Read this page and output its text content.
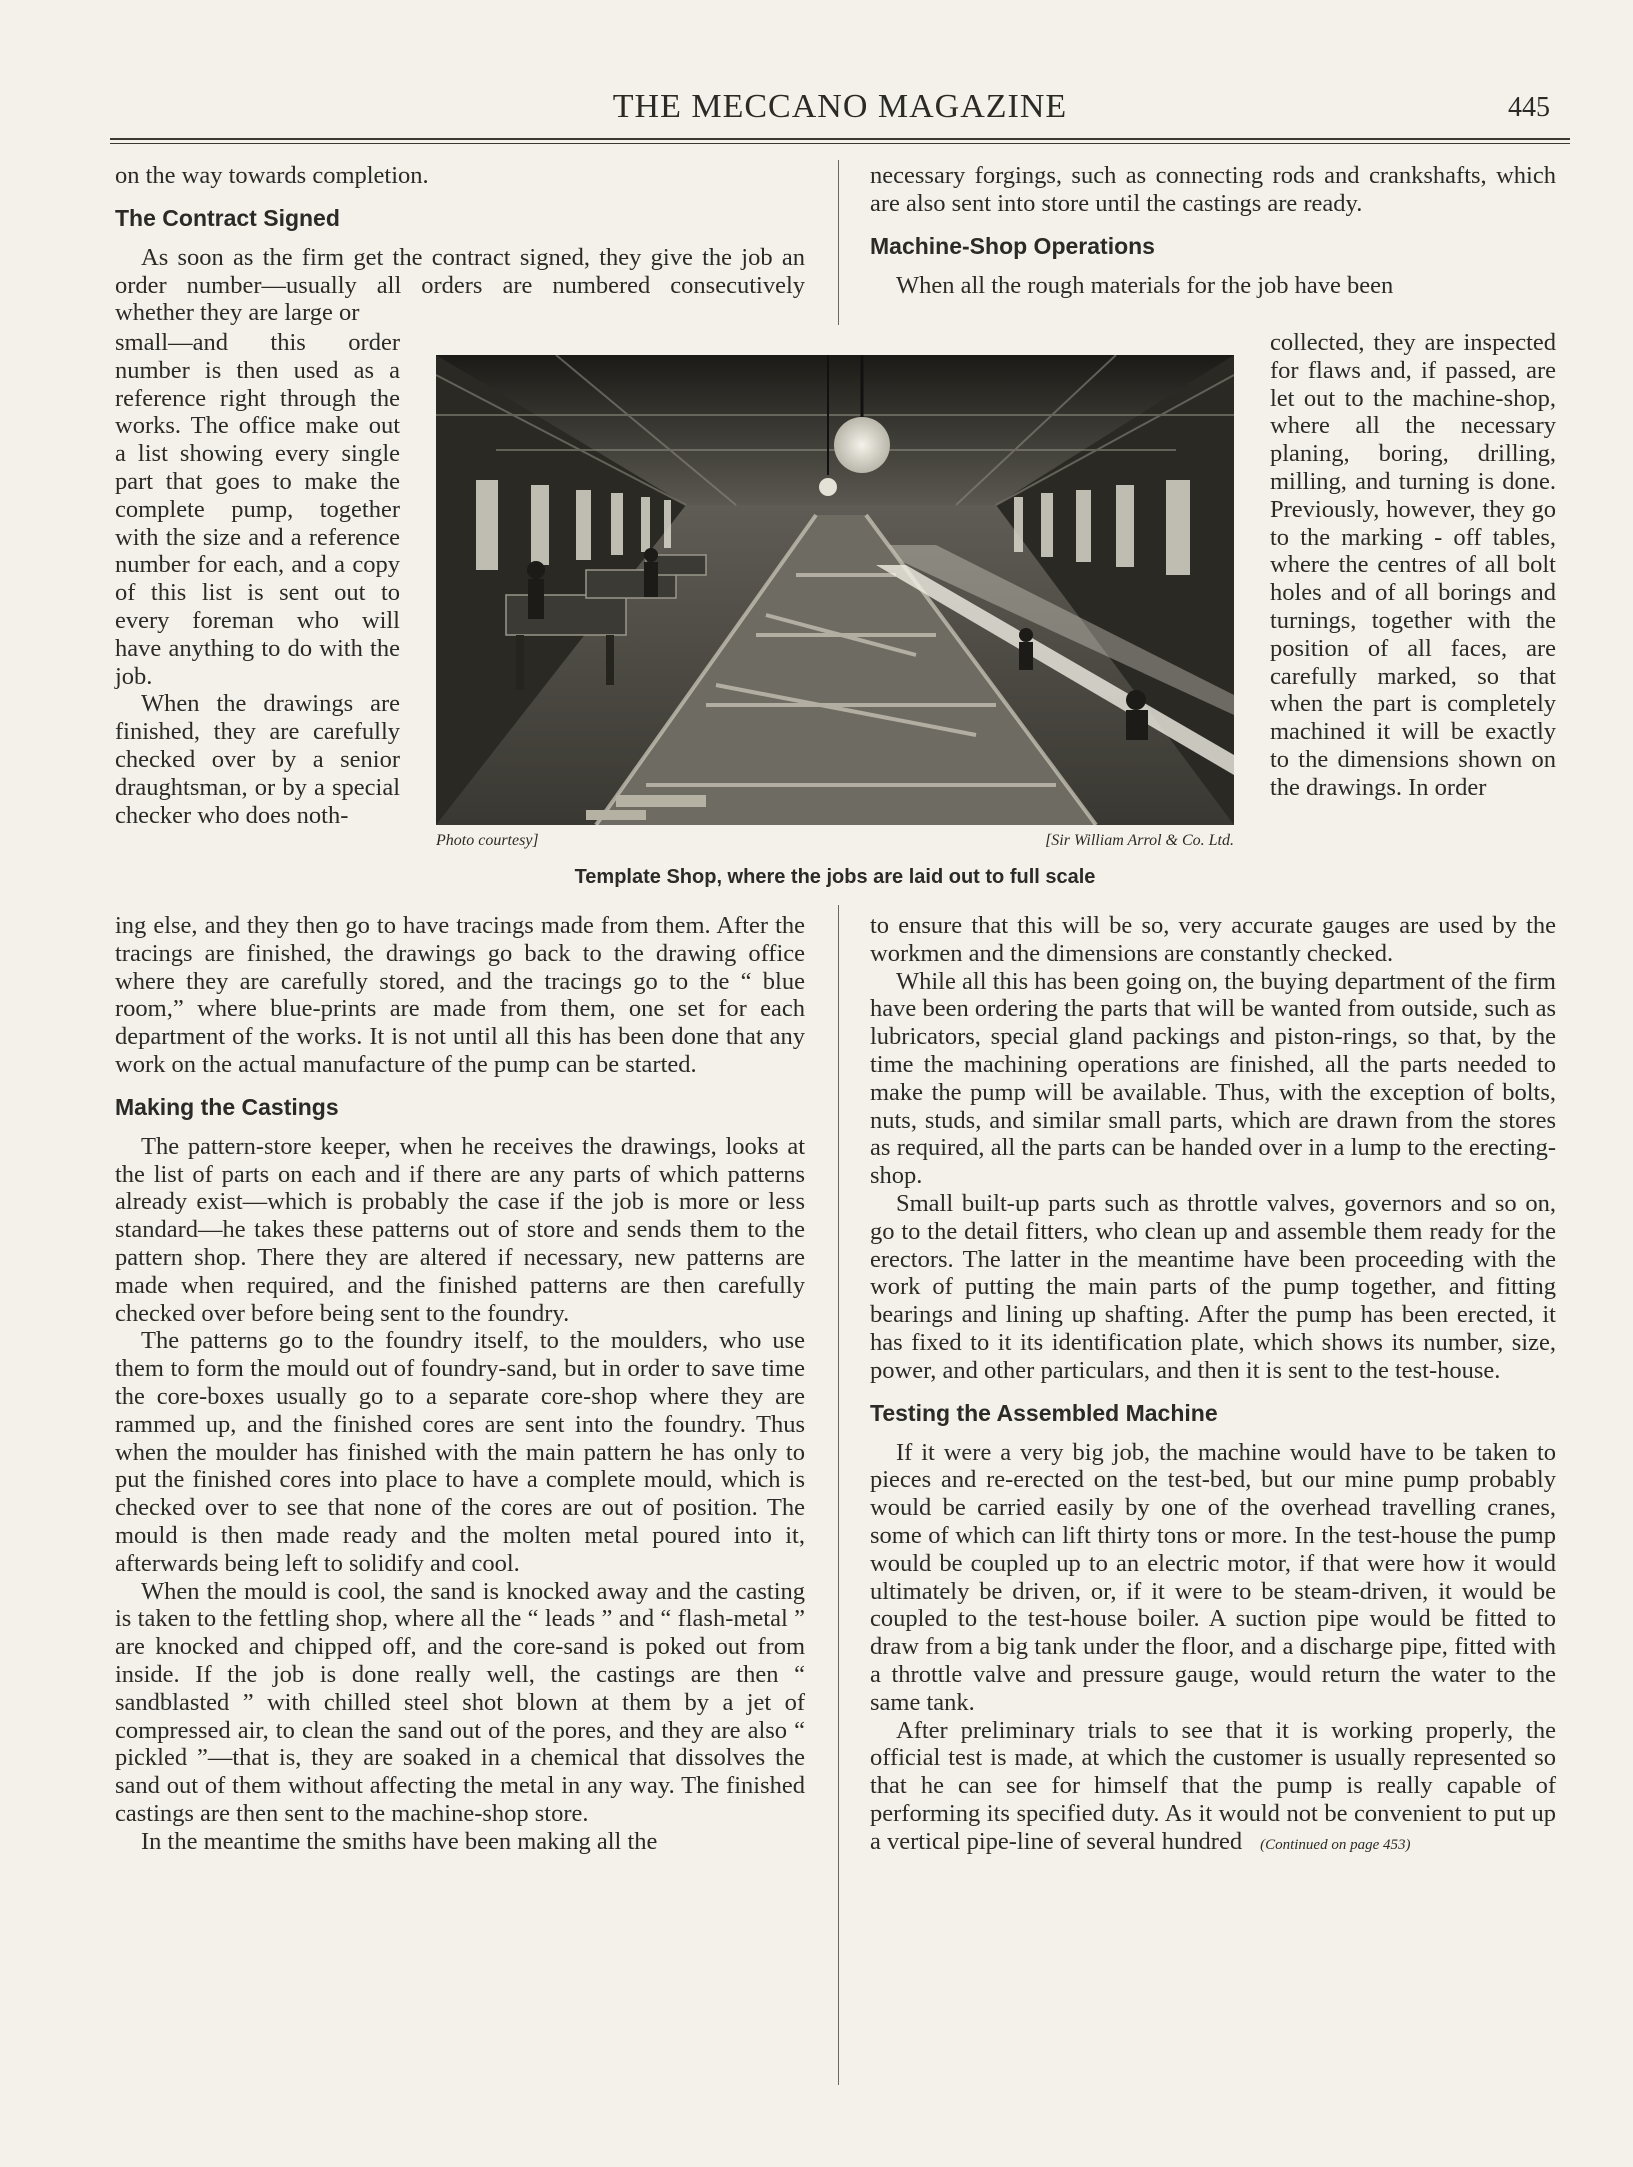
THE MECCANO MAGAZINE	445

on the way towards completion.

The Contract Signed

As soon as the firm get the contract signed, they give the job an order number—usually all orders are numbered consecutively whether they are large or

small—and this order number is then used as a reference right through the works. The office make out a list showing every single part that goes to make the complete pump, together with the size and a reference number for each, and a copy of this list is sent out to every foreman who will have anything to do with the job.

When the drawings are finished, they are carefully checked over by a senior draughtsman, or by a special checker who does noth-

ing else, and they then go to have tracings made from them. After the tracings are finished, the drawings go back to the drawing office where they are carefully stored, and the tracings go to the “ blue room,” where blue-prints are made from them, one set for each department of the works. It is not until all this has been done that any work on the actual manufacture of the pump can be started.

Making the Castings

The pattern-store keeper, when he receives the drawings, looks at the list of parts on each and if there are any parts of which patterns already exist—which is probably the case if the job is more or less standard—he takes these patterns out of store and sends them to the pattern shop. There they are altered if necessary, new patterns are made when required, and the finished patterns are then carefully checked over before being sent to the foundry.

The patterns go to the foundry itself, to the moulders, who use them to form the mould out of foundry-sand, but in order to save time the core-boxes usually go to a separate core-shop where they are rammed up, and the finished cores are sent into the foundry. Thus when the moulder has finished with the main pattern he has only to put the finished cores into place to have a complete mould, which is checked over to see that none of the cores are out of position. The mould is then made ready and the molten metal poured into it, afterwards being left to solidify and cool.

When the mould is cool, the sand is knocked away and the casting is taken to the fettling shop, where all the “ leads ” and “ flash-metal ” are knocked and chipped off, and the core-sand is poked out from inside. If the job is done really well, the castings are then “ sandblasted ” with chilled steel shot blown at them by a jet of compressed air, to clean the sand out of the pores, and they are also “ pickled ”—that is, they are soaked in a chemical that dissolves the sand out of them without affecting the metal in any way. The finished castings are then sent to the machine-shop store.

In the meantime the smiths have been making all the

necessary forgings, such as connecting rods and crankshafts, which are also sent into store until the castings are ready.

Machine-Shop Operations

When all the rough materials for the job have been

collected, they are inspected for flaws and, if passed, are let out to the machine-shop, where all the necessary planing, boring, drilling, milling, and turning is done. Previously, however, they go to the marking - off tables, where the centres of all bolt holes and of all borings and turnings, together with the position of all faces, are carefully marked, so that when the part is completely machined it will be exactly to the dimensions shown on the drawings. In order

to ensure that this will be so, very accurate gauges are used by the workmen and the dimensions are constantly checked.

While all this has been going on, the buying department of the firm have been ordering the parts that will be wanted from outside, such as lubricators, special gland packings and piston-rings, so that, by the time the machining operations are finished, all the parts needed to make the pump will be available. Thus, with the exception of bolts, nuts, studs, and similar small parts, which are drawn from the stores as required, all the parts can be handed over in a lump to the erecting-shop.

Small built-up parts such as throttle valves, governors and so on, go to the detail fitters, who clean up and assemble them ready for the erectors. The latter in the meantime have been proceeding with the work of putting the main parts of the pump together, and fitting bearings and lining up shafting. After the pump has been erected, it has fixed to it its identification plate, which shows its number, size, power, and other particulars, and then it is sent to the test-house.

Testing the Assembled Machine

If it were a very big job, the machine would have to be taken to pieces and re-erected on the test-bed, but our mine pump probably would be carried easily by one of the overhead travelling cranes, some of which can lift thirty tons or more. In the test-house the pump would be coupled up to an electric motor, if that were how it would ultimately be driven, or, if it were to be steam-driven, it would be coupled to the test-house boiler. A suction pipe would be fitted to draw from a big tank under the floor, and a discharge pipe, fitted with a throttle valve and pressure gauge, would return the water to the same tank.

After preliminary trials to see that it is working properly, the official test is made, at which the customer is usually represented so that he can see for himself that the pump is really capable of performing its specified duty. As it would not be convenient to put up a vertical pipe-line of several hundred (Continued on page 453)

Photo courtesy]	[Sir William Arrol & Co. Ltd.
Template Shop, where the jobs are laid out to full scale
